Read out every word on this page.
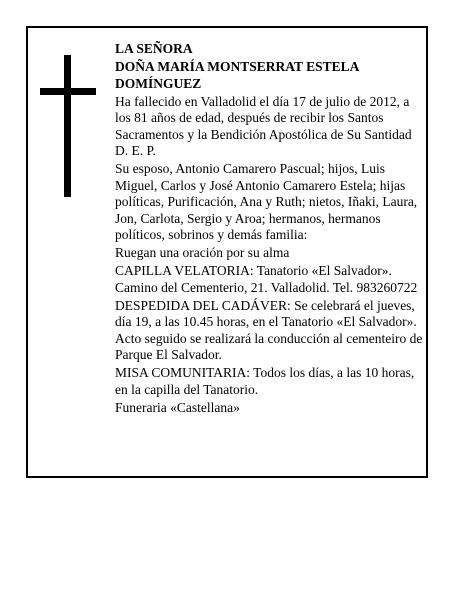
LA SEÑORA

DOÑA MARÍA MONTSERRAT ESTELA DOMÍNGUEZ

Ha fallecido en Valladolid el día 17 de julio de 2012, a los 81 años de edad, después de recibir los Santos Sacramentos y la Bendición Apostólica de Su Santidad D. E. P.

Su esposo, Antonio Camarero Pascual; hijos, Luis Miguel, Carlos y José Antonio Camarero Estela; hijas políticas, Purificación, Ana y Ruth; nietos, Iñaki, Laura, Jon, Carlota, Sergio y Aroa; hermanos, hermanos políticos, sobrinos y demás familia:

Ruegan una oración por su alma

CAPILLA VELATORIA: Tanatorio «El Salvador». Camino del Cementerio, 21. Valladolid. Tel. 983260722

DESPEDIDA DEL CADÁVER: Se celebrará el jueves, día 19, a las 10.45 horas, en el Tanatorio «El Salvador». Acto seguido se realizará la conducción al cementeiro de Parque El Salvador.

MISA COMUNITARIA: Todos los días, a las 10 horas, en la capilla del Tanatorio.

Funeraria «Castellana»
